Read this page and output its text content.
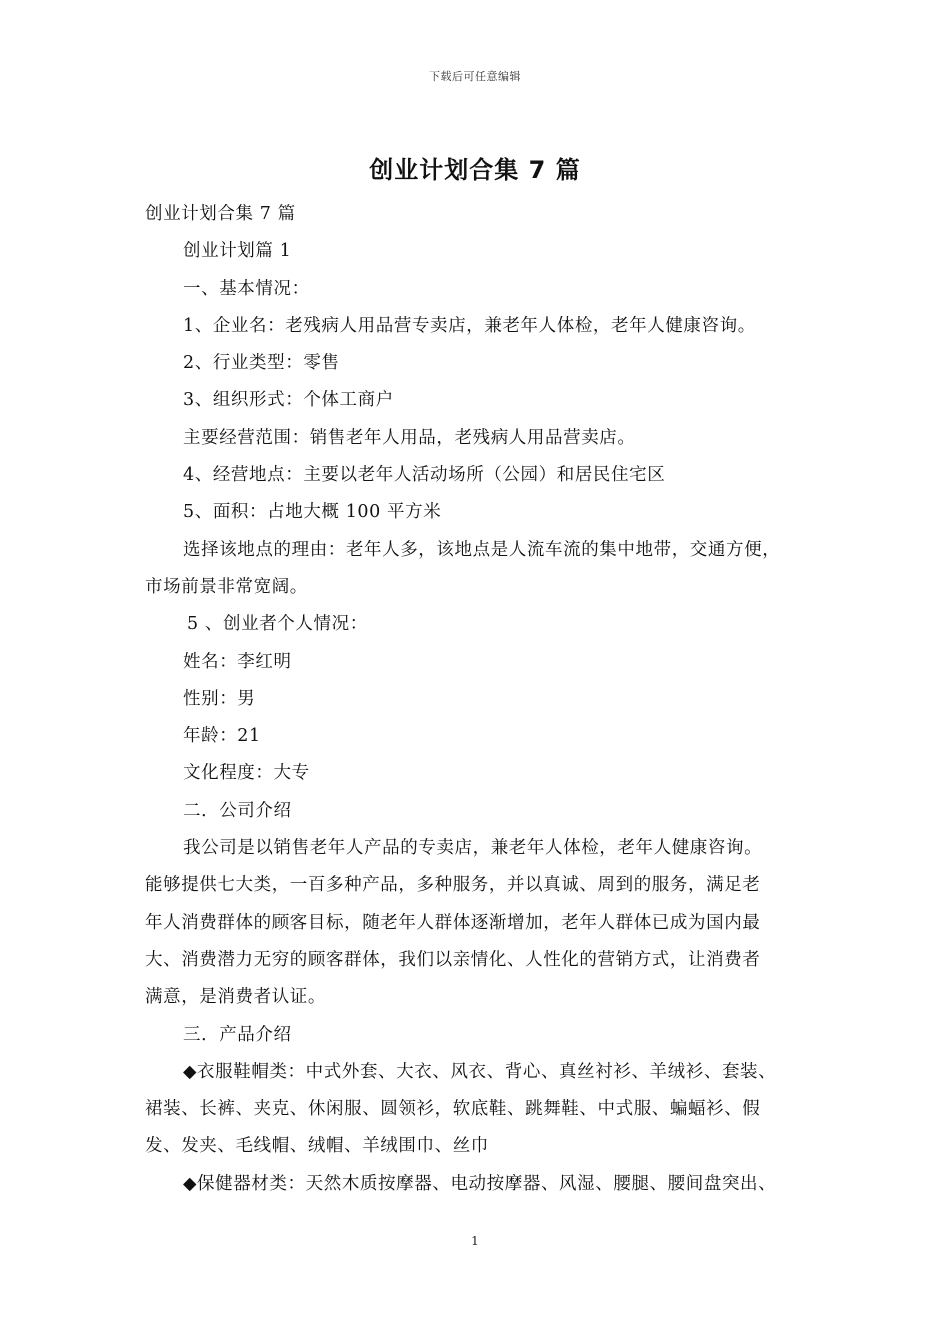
下载后可任意编辑
创业计划合集 7 篇

创业计划合集 7 篇

创业计划篇 1

一、基本情况：

1、企业名：老残病人用品营专卖店，兼老年人体检，老年人健康咨询。

2、行业类型：零售

3、组织形式：个体工商户

主要经营范围：销售老年人用品，老残病人用品营卖店。

4、经营地点：主要以老年人活动场所（公园）和居民住宅区

5、面积：占地大概 100 平方米

选择该地点的理由：老年人多，该地点是人流车流的集中地带，交通方便，

市场前景非常宽阔。

5 、创业者个人情况：

姓名：李红明

性别：男

年龄：21

文化程度：大专

二．公司介绍

我公司是以销售老年人产品的专卖店，兼老年人体检，老年人健康咨询。

能够提供七大类，一百多种产品，多种服务，并以真诚、周到的服务，满足老

年人消费群体的顾客目标，随老年人群体逐渐增加，老年人群体已成为国内最

大、消费潜力无穷的顾客群体，我们以亲情化、人性化的营销方式，让消费者

满意，是消费者认证。

三．产品介绍

◆衣服鞋帽类：中式外套、大衣、风衣、背心、真丝衬衫、羊绒衫、套装、

裙装、长裤、夹克、休闲服、圆领衫，软底鞋、跳舞鞋、中式服、蝙蝠衫、假

发、发夹、毛线帽、绒帽、羊绒围巾、丝巾

◆保健器材类：天然木质按摩器、电动按摩器、风湿、腰腿、腰间盘突出、

1
